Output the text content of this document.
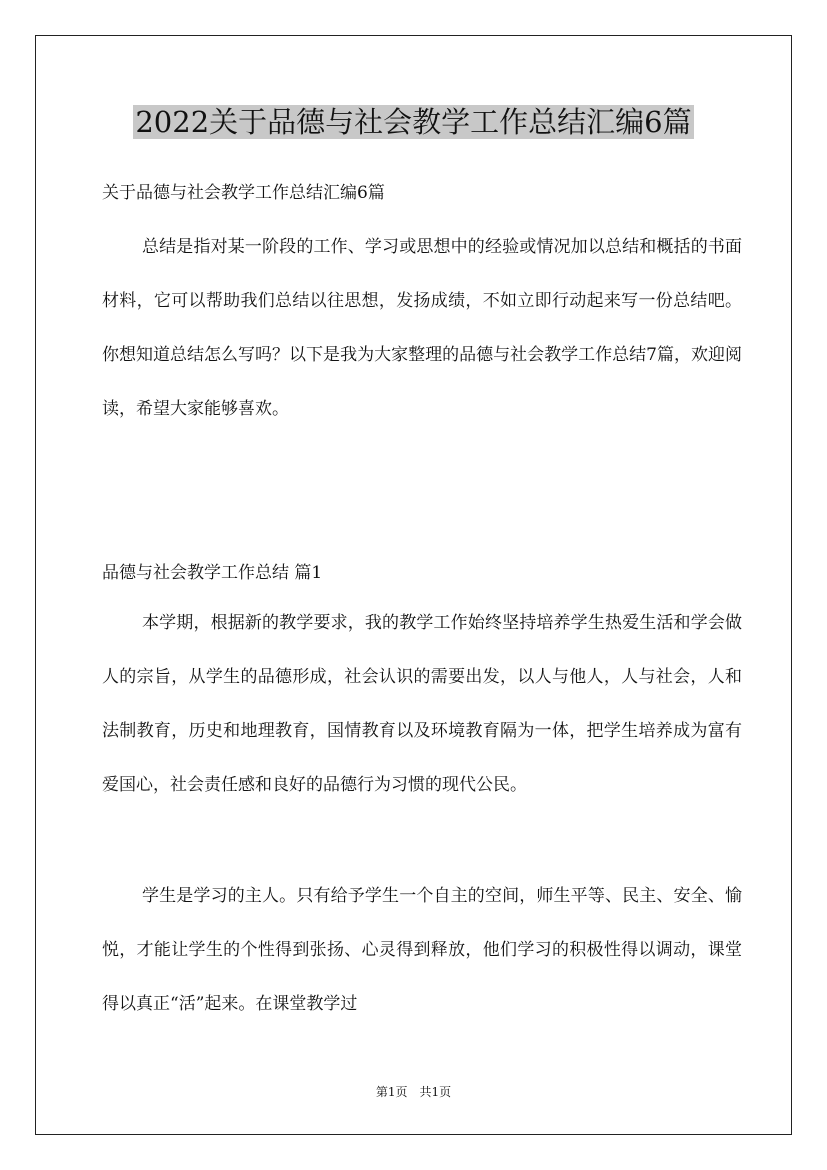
2022关于品德与社会教学工作总结汇编6篇

关于品德与社会教学工作总结汇编6篇

总结是指对某一阶段的工作、学习或思想中的经验或情况加以总结和概括的书面材料，它可以帮助我们总结以往思想，发扬成绩，不如立即行动起来写一份总结吧。你想知道总结怎么写吗？以下是我为大家整理的品德与社会教学工作总结7篇，欢迎阅读，希望大家能够喜欢。

品德与社会教学工作总结 篇1

本学期，根据新的教学要求，我的教学工作始终坚持培养学生热爱生活和学会做人的宗旨，从学生的品德形成，社会认识的需要出发，以人与他人，人与社会，人和法制教育，历史和地理教育，国情教育以及环境教育隔为一体，把学生培养成为富有爱国心，社会责任感和良好的品德行为习惯的现代公民。

学生是学习的主人。只有给予学生一个自主的空间，师生平等、民主、安全、愉悦，才能让学生的个性得到张扬、心灵得到释放，他们学习的积极性得以调动，课堂得以真正“活”起来。在课堂教学过

第1页　共1页
